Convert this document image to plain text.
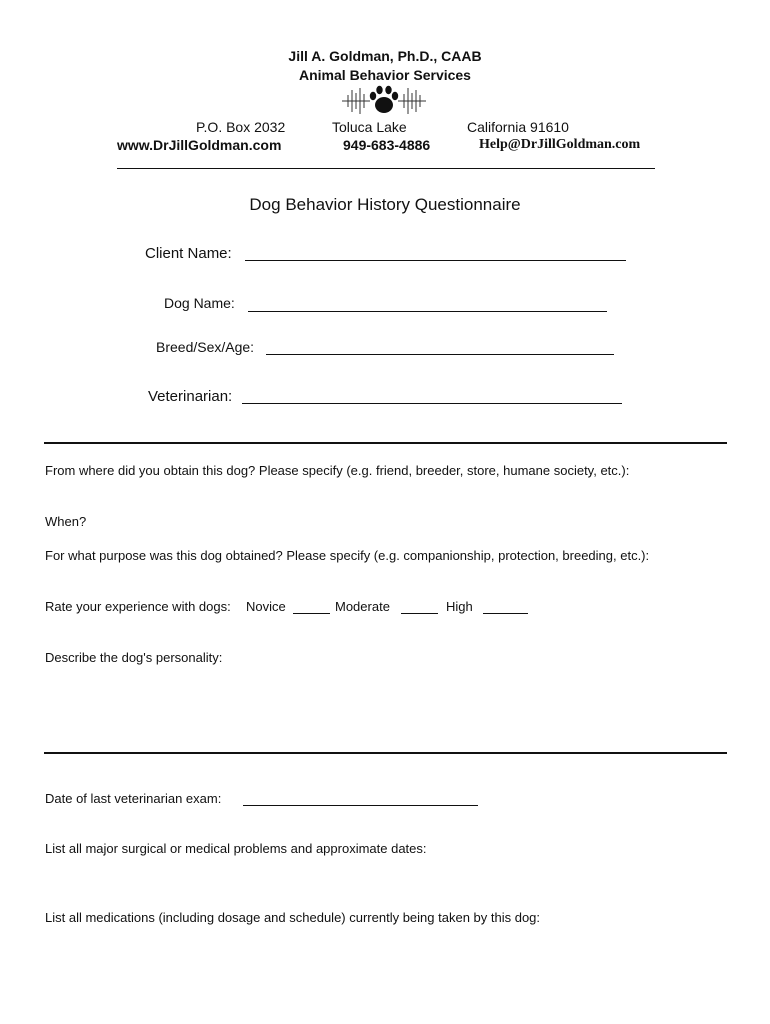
Jill A. Goldman, Ph.D., CAAB
Animal Behavior Services
P.O. Box 2032	Toluca Lake	California 91610
www.DrJillGoldman.com	949-683-4886	Help@DrJillGoldman.com
Dog Behavior History Questionnaire
Client Name:
Dog Name:
Breed/Sex/Age:
Veterinarian:
From where did you obtain this dog? Please specify (e.g. friend, breeder, store, humane society, etc.):
When?
For what purpose was this dog obtained? Please specify (e.g. companionship, protection, breeding, etc.):
Rate your experience with dogs: Novice	Moderate	High
Describe the dog's personality:
Date of last veterinarian exam:
List all major surgical or medical problems and approximate dates:
List all medications (including dosage and schedule) currently being taken by this dog:
